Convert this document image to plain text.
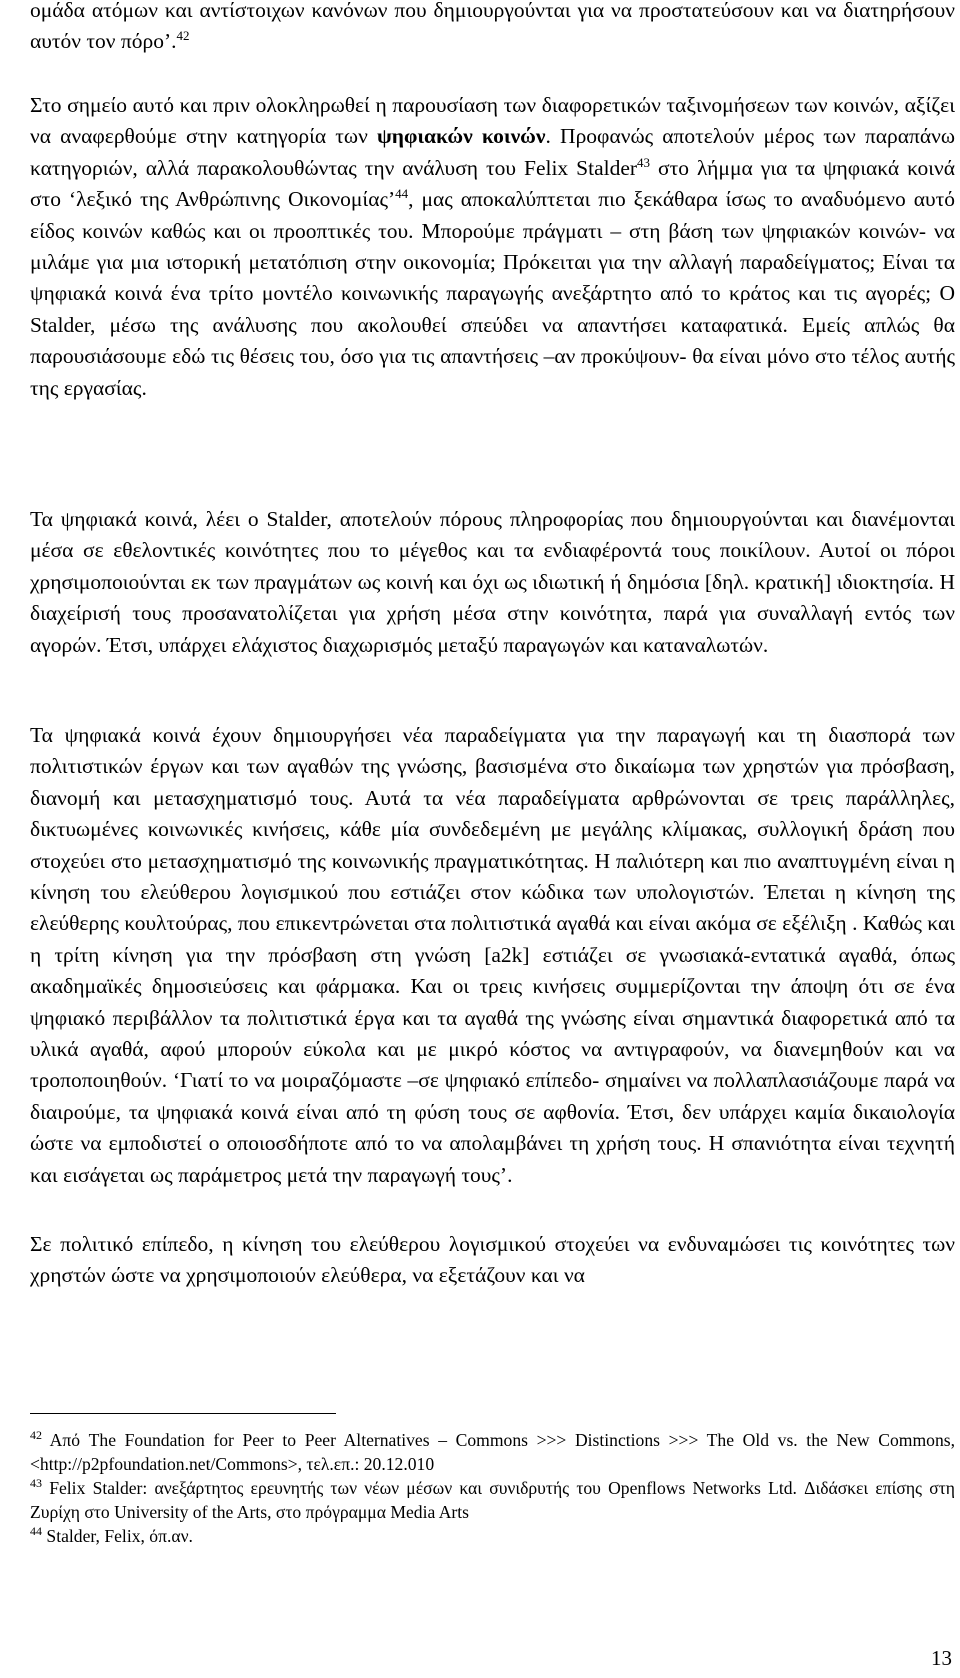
ομάδα ατόμων και αντίστοιχων κανόνων που δημιουργούνται για να προστατεύσουν και να διατηρήσουν αυτόν τον πόρο’.$^{42}$

Στο σημείο αυτό και πριν ολοκληρωθεί η παρουσίαση των διαφορετικών ταξινομήσεων των κοινών, αξίζει να αναφερθούμε στην κατηγορία των ψηφιακών κοινών. Προφανώς αποτελούν μέρος των παραπάνω κατηγοριών, αλλά παρακολουθώντας την ανάλυση του Felix Stalder$^{43}$ στο λήμμα για τα ψηφιακά κοινά στο ‘λεξικό της Ανθρώπινης Οικονομίας’$^{44}$, μας αποκαλύπτεται πιο ξεκάθαρα ίσως το αναδυόμενο αυτό είδος κοινών καθώς και οι προοπτικές του. Μπορούμε πράγματι – στη βάση των ψηφιακών κοινών- να μιλάμε για μια ιστορική μετατόπιση στην οικονομία; Πρόκειται για την αλλαγή παραδείγματος; Είναι τα ψηφιακά κοινά ένα τρίτο μοντέλο κοινωνικής παραγωγής ανεξάρτητο από το κράτος και τις αγορές; Ο Stalder, μέσω της ανάλυσης που ακολουθεί σπεύδει να απαντήσει καταφατικά. Εμείς απλώς θα παρουσιάσουμε εδώ τις θέσεις του, όσο για τις απαντήσεις –αν προκύψουν- θα είναι μόνο στο τέλος αυτής της εργασίας.

Τα ψηφιακά κοινά, λέει ο Stalder, αποτελούν πόρους πληροφορίας που δημιουργούνται και διανέμονται μέσα σε εθελοντικές κοινότητες που το μέγεθος και τα ενδιαφέροντά τους ποικίλουν. Αυτοί οι πόροι χρησιμοποιούνται εκ των πραγμάτων ως κοινή και όχι ως ιδιωτική ή δημόσια [δηλ. κρατική] ιδιοκτησία. Η διαχείρισή τους προσανατολίζεται για χρήση μέσα στην κοινότητα, παρά για συναλλαγή εντός των αγορών. Έτσι, υπάρχει ελάχιστος διαχωρισμός μεταξύ παραγωγών και καταναλωτών.

Τα ψηφιακά κοινά έχουν δημιουργήσει νέα παραδείγματα για την παραγωγή και τη διασπορά των πολιτιστικών έργων και των αγαθών της γνώσης, βασισμένα στο δικαίωμα των χρηστών για πρόσβαση, διανομή και μετασχηματισμό τους. Αυτά τα νέα παραδείγματα αρθρώνονται σε τρεις παράλληλες, δικτυωμένες κοινωνικές κινήσεις, κάθε μία συνδεδεμένη με μεγάλης κλίμακας, συλλογική δράση που στοχεύει στο μετασχηματισμό της κοινωνικής πραγματικότητας. Η παλιότερη και πιο αναπτυγμένη είναι η κίνηση του ελεύθερου λογισμικού που εστιάζει στον κώδικα των υπολογιστών. Έπεται η κίνηση της ελεύθερης κουλτούρας, που επικεντρώνεται στα πολιτιστικά αγαθά και είναι ακόμα σε εξέλιξη . Καθώς και η τρίτη κίνηση για την πρόσβαση στη γνώση [a2k] εστιάζει σε γνωσιακά-εντατικά αγαθά, όπως ακαδημαϊκές δημοσιεύσεις και φάρμακα. Και οι τρεις κινήσεις συμμερίζονται την άποψη ότι σε ένα ψηφιακό περιβάλλον τα πολιτιστικά έργα και τα αγαθά της γνώσης είναι σημαντικά διαφορετικά από τα υλικά αγαθά, αφού μπορούν εύκολα και με μικρό κόστος να αντιγραφούν, να διανεμηθούν και να τροποποιηθούν. ‘Γιατί το να μοιραζόμαστε –σε ψηφιακό επίπεδο- σημαίνει να πολλαπλασιάζουμε παρά να διαιρούμε, τα ψηφιακά κοινά είναι από τη φύση τους σε αφθονία. Έτσι, δεν υπάρχει καμία δικαιολογία ώστε να εμποδιστεί ο οποιοσδήποτε από το να απολαμβάνει τη χρήση τους. Η σπανιότητα είναι τεχνητή και εισάγεται ως παράμετρος μετά την παραγωγή τους’.

Σε πολιτικό επίπεδο, η κίνηση του ελεύθερου λογισμικού στοχεύει να ενδυναμώσει τις κοινότητες των χρηστών ώστε να χρησιμοποιούν ελεύθερα, να εξετάζουν και να

$^{42}$ Από The Foundation for Peer to Peer Alternatives – Commons >>> Distinctions >>> The Old vs. the New Commons, <http://p2pfoundation.net/Commons>, τελ.επ.: 20.12.010

$^{43}$ Felix Stalder: ανεξάρτητος ερευνητής των νέων μέσων και συνιδρυτής του Openflows Networks Ltd. Διδάσκει επίσης στη Ζυρίχη στο University of the Arts, στο πρόγραμμα Media Arts

$^{44}$ Stalder, Felix, όπ.αν.

13
